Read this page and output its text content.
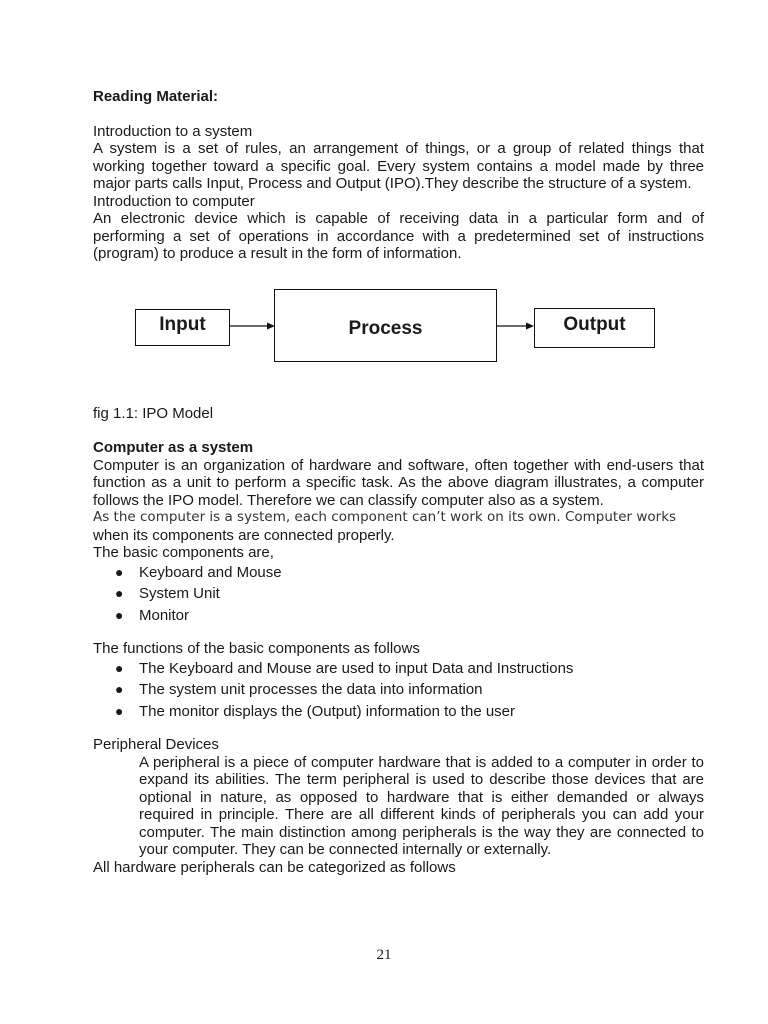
Reading Material:

Introduction to a system

A system is a set of rules, an arrangement of things, or a group of related things that working together toward a specific goal. Every system contains a model made by three major parts calls Input, Process and Output (IPO).They describe the structure of a system.

Introduction to computer

An electronic device which is capable of receiving data in a particular form and of performing a set of operations in accordance with a predetermined set of instructions (program) to produce a result in the form of information.

Input	Process	Output

fig 1.1: IPO Model

Computer as a system

Computer is an organization of hardware and software, often together with end-users that function as a unit to perform a specific task. As the above diagram illustrates, a computer follows the IPO model. Therefore we can classify computer also as a system.

As the computer is a system, each component can’t work on its own. Computer works

when its components are connected properly.

The basic components are,

● Keyboard and Mouse
● System Unit
● Monitor

The functions of the basic components as follows

● The Keyboard and Mouse are used to input Data and Instructions
● The system unit processes the data into information
● The monitor displays the (Output) information to the user

Peripheral Devices

A peripheral is a piece of computer hardware that is added to a computer in order to expand its abilities. The term peripheral is used to describe those devices that are optional in nature, as opposed to hardware that is either demanded or always required in principle. There are all different kinds of peripherals you can add your computer. The main distinction among peripherals is the way they are connected to your computer. They can be connected internally or externally.

All hardware peripherals can be categorized as follows

21
